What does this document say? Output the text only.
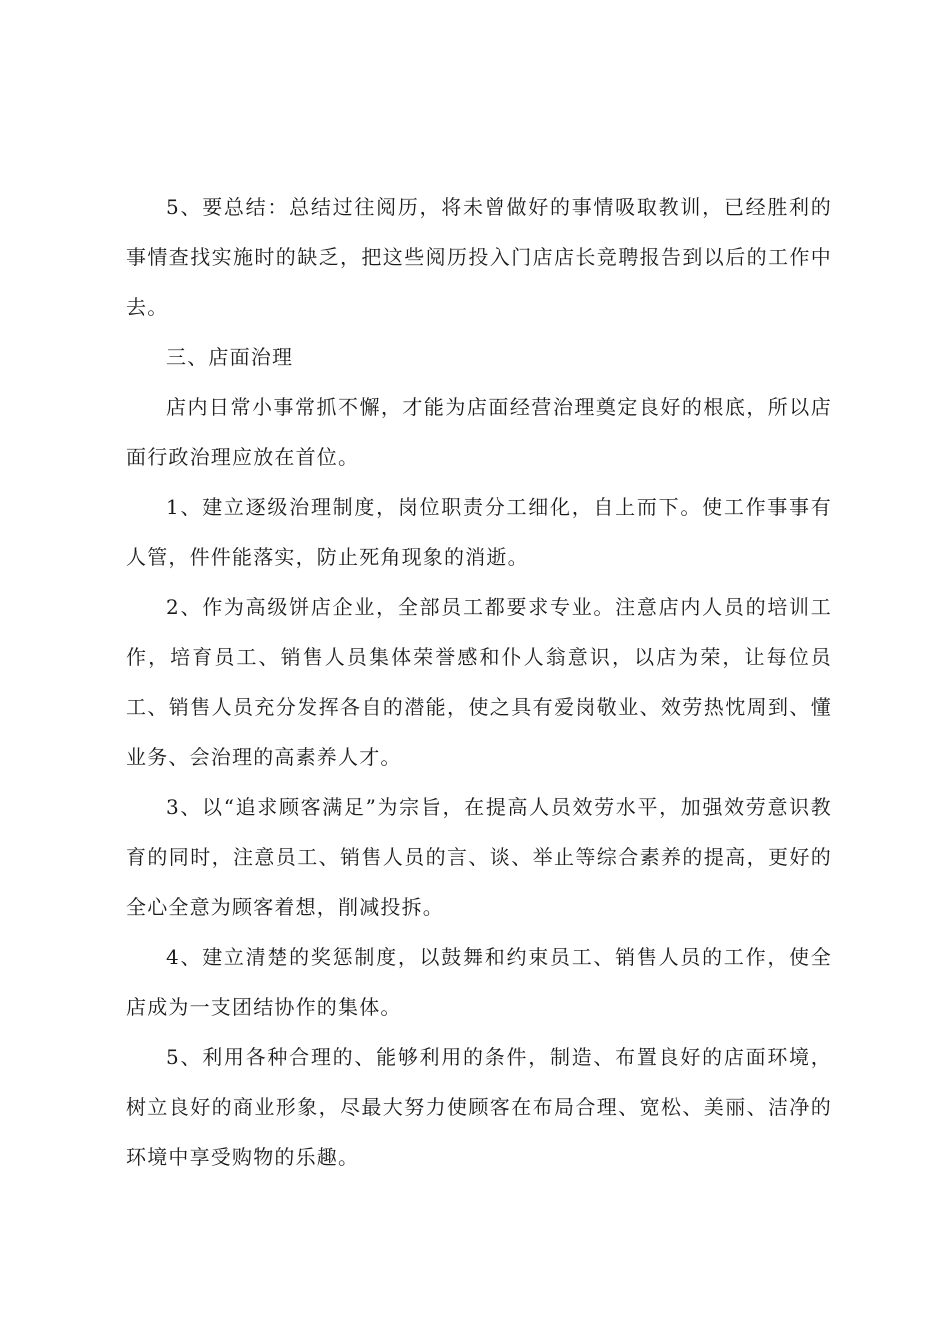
5、要总结：总结过往阅历，将未曾做好的事情吸取教训，已经胜利的事情查找实施时的缺乏，把这些阅历投入门店店长竞聘报告到以后的工作中去。

三、店面治理

店内日常小事常抓不懈，才能为店面经营治理奠定良好的根底，所以店面行政治理应放在首位。

1、建立逐级治理制度，岗位职责分工细化，自上而下。使工作事事有人管，件件能落实，防止死角现象的消逝。

2、作为高级饼店企业，全部员工都要求专业。注意店内人员的培训工作，培育员工、销售人员集体荣誉感和仆人翁意识，以店为荣，让每位员工、销售人员充分发挥各自的潜能，使之具有爱岗敬业、效劳热忱周到、懂业务、会治理的高素养人才。

3、以“追求顾客满足”为宗旨，在提高人员效劳水平，加强效劳意识教育的同时，注意员工、销售人员的言、谈、举止等综合素养的提高，更好的全心全意为顾客着想，削减投拆。

4、建立清楚的奖惩制度，以鼓舞和约束员工、销售人员的工作，使全店成为一支团结协作的集体。

5、利用各种合理的、能够利用的条件，制造、布置良好的店面环境，树立良好的商业形象，尽最大努力使顾客在布局合理、宽松、美丽、洁净的环境中享受购物的乐趣。
